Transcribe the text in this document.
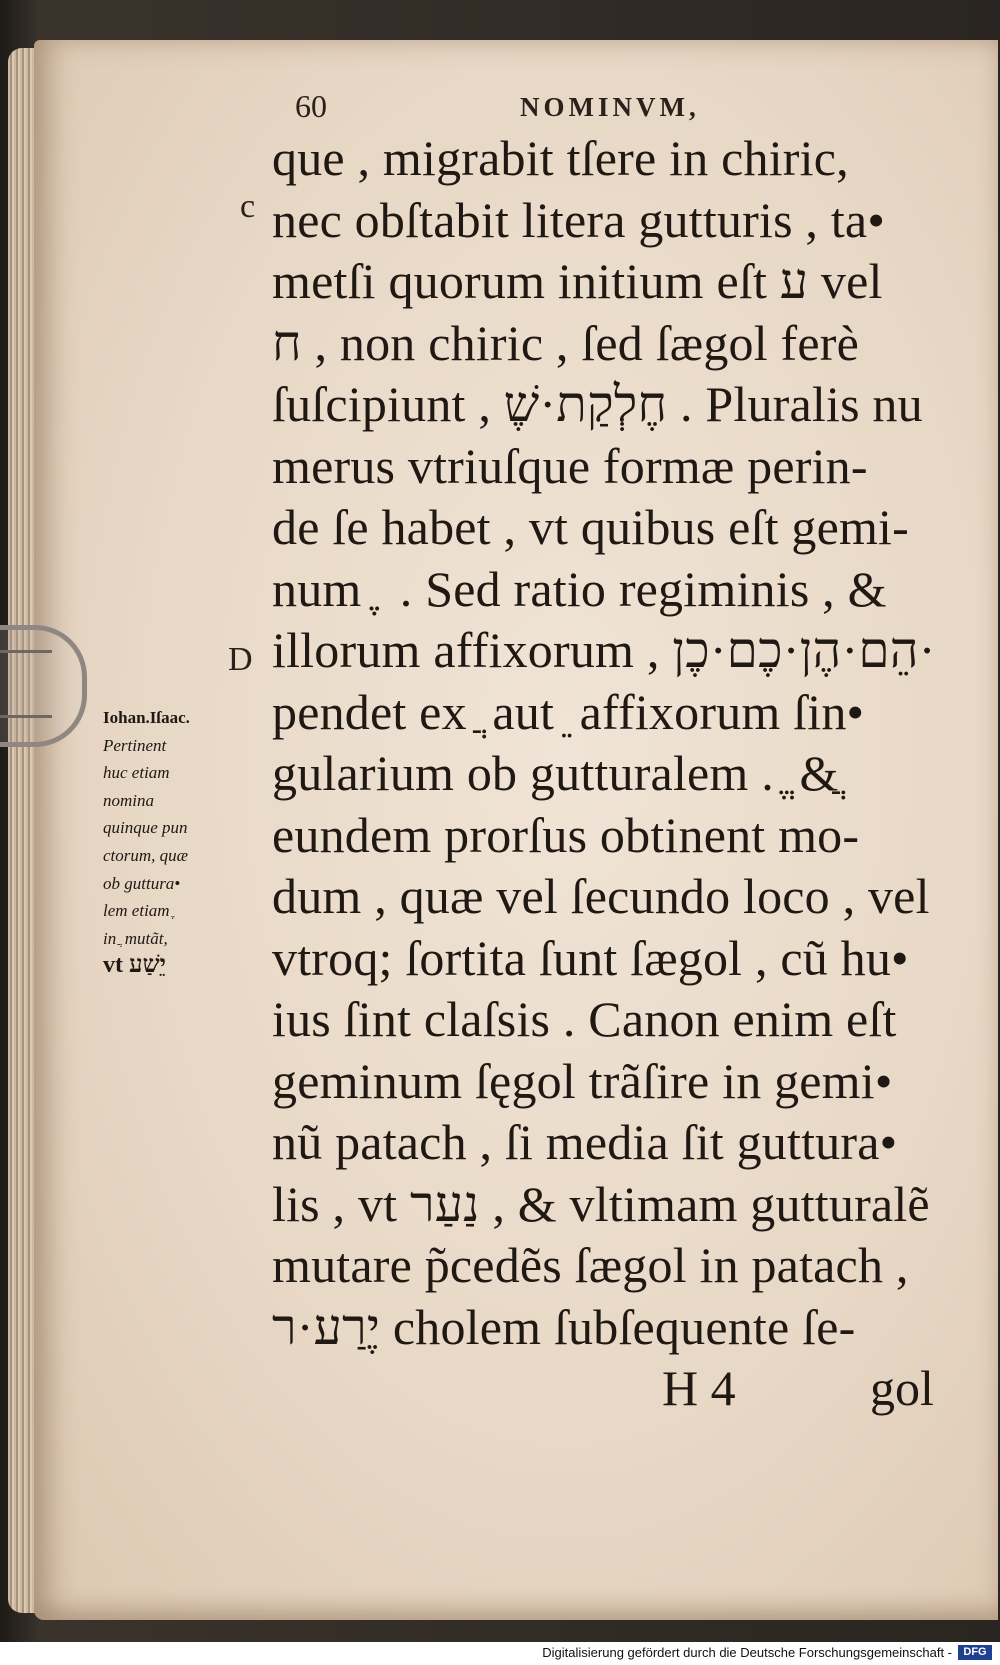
60	NOMINVM,
c
D
que , migrabit tſere in chiric,
nec obſtabit litera gutturis , ta•
metſi quorum initium eſt ע vel
ח , non chiric , ſed ſægol ferè
ſuſcipiunt , חֶלְקַת·שֶׁ . Pluralis nu
merus vtriuſque formæ perin-
de ſe habet , vt quibus eſt gemi-
num ֶ ֶ . Sed ratio regiminis , &
illorum affixorum , הֵם·הֶן·כֶם·כֶן·
pendet ex ֲ aut ֵ affixorum ſin•
gularium ob gutturalem . ֱ & ֲ
eundem prorſus obtinent mo-
dum , quæ vel ſecundo loco , vel
vtroq; ſortita ſunt ſægol , cũ hu•
ius ſint claſsis . Canon enim eſt
geminum ſęgol trãſire in gemi•
nũ patach , ſi media ſit guttura•
lis , vt נַעַר , & vltimam gutturalẽ
mutare p̃cedẽs ſægol in patach ,
יֶרַע·ר cholem ſubſequente ſe-
H 4	gol
Iohan.Iſaac.
Pertinent
huc etiam
nomina
quinque pun
ctorum, quæ
ob guttura•
lem etiam ֶ
in ֲ mutãt,
vt יֵשַׁע
Digitalisierung gefördert durch die Deutsche Forschungsgemeinschaft -	DFG
